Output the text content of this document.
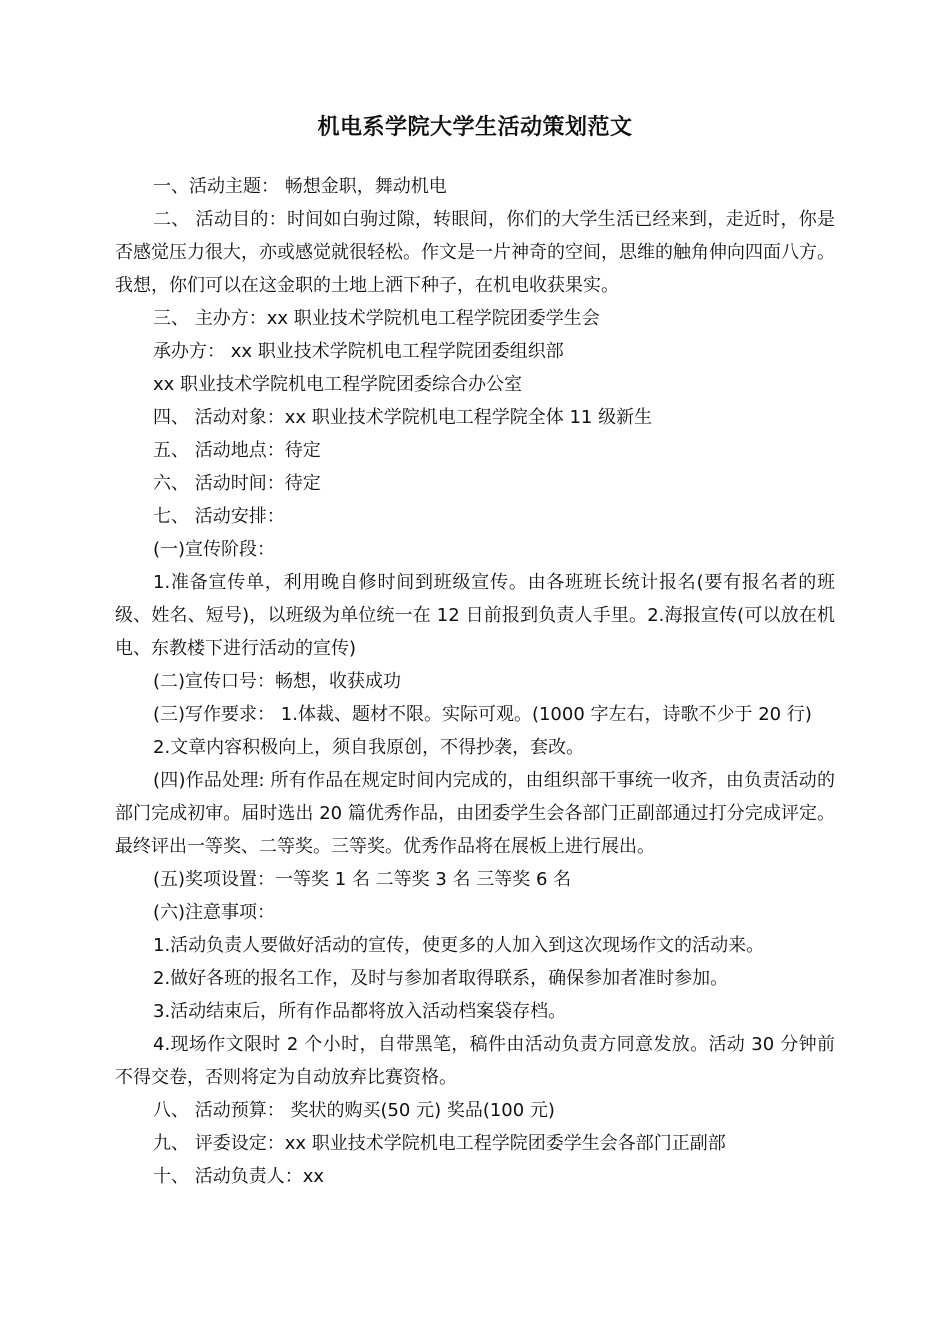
机电系学院大学生活动策划范文

一、活动主题： 畅想金职，舞动机电

二、 活动目的：时间如白驹过隙，转眼间，你们的大学生活已经来到，走近时，你是否感觉压力很大，亦或感觉就很轻松。作文是一片神奇的空间，思维的触角伸向四面八方。我想，你们可以在这金职的土地上洒下种子，在机电收获果实。

三、 主办方：xx 职业技术学院机电工程学院团委学生会

承办方： xx 职业技术学院机电工程学院团委组织部

xx 职业技术学院机电工程学院团委综合办公室

四、 活动对象：xx 职业技术学院机电工程学院全体 11 级新生

五、 活动地点：待定

六、 活动时间：待定

七、 活动安排：

(一)宣传阶段：

1.准备宣传单，利用晚自修时间到班级宣传。由各班班长统计报名(要有报名者的班级、姓名、短号)，以班级为单位统一在 12 日前报到负责人手里。2.海报宣传(可以放在机电、东教楼下进行活动的宣传)

(二)宣传口号：畅想，收获成功

(三)写作要求： 1.体裁、题材不限。实际可观。(1000 字左右，诗歌不少于 20 行)

2.文章内容积极向上，须自我原创，不得抄袭，套改。

(四)作品处理: 所有作品在规定时间内完成的，由组织部干事统一收齐，由负责活动的部门完成初审。届时选出 20 篇优秀作品，由团委学生会各部门正副部通过打分完成评定。最终评出一等奖、二等奖。三等奖。优秀作品将在展板上进行展出。

(五)奖项设置：一等奖 1 名 二等奖 3 名 三等奖 6 名

(六)注意事项：

1.活动负责人要做好活动的宣传，使更多的人加入到这次现场作文的活动来。

2.做好各班的报名工作，及时与参加者取得联系，确保参加者准时参加。

3.活动结束后，所有作品都将放入活动档案袋存档。

4.现场作文限时 2 个小时，自带黑笔，稿件由活动负责方同意发放。活动 30 分钟前不得交卷，否则将定为自动放弃比赛资格。

八、 活动预算： 奖状的购买(50 元) 奖品(100 元)

九、 评委设定：xx 职业技术学院机电工程学院团委学生会各部门正副部

十、 活动负责人：xx
